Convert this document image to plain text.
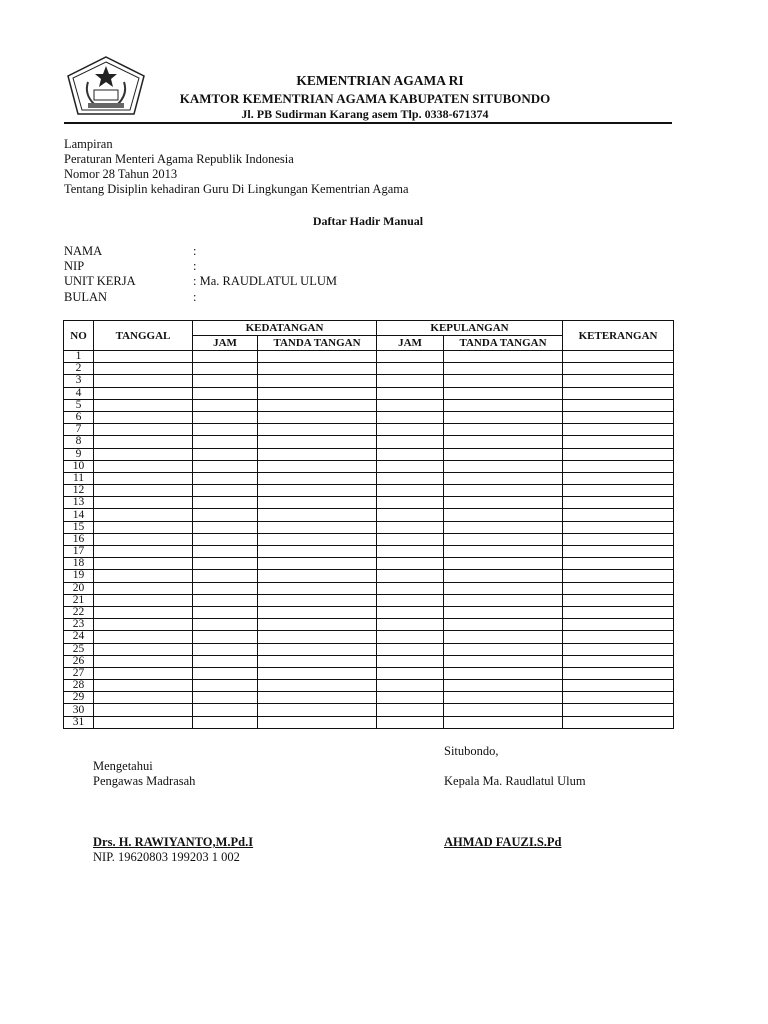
KEMENTRIAN AGAMA RI
KAMTOR KEMENTRIAN AGAMA KABUPATEN SITUBONDO
Jl. PB Sudirman Karang asem Tlp. 0338-671374
Lampiran
Peraturan Menteri Agama Republik Indonesia
Nomor 28 Tahun 2013
Tentang Disiplin kehadiran Guru Di Lingkungan Kementrian Agama
Daftar Hadir Manual
NAMA	:
NIP	:
UNIT KERJA	: Ma. RAUDLATUL ULUM
BULAN	:
NO	TANGGAL	KEDATANGAN		KEPULANGAN		KETERANGAN
		JAM	TANDA TANGAN	JAM	TANDA TANGAN	
1						
2						
3						
4						
5						
6						
7						
8						
9						
10						
11						
12						
13						
14						
15						
16						
17						
18						
19						
20						
21						
22						
23						
24						
25						
26						
27						
28						
29						
30						
31						
Situbondo,
Mengetahui
Pengawas Madrasah	Kepala Ma. Raudlatul Ulum
Drs. H. RAWIYANTO,M.Pd.I
NIP. 19620803 199203 1 002
AHMAD FAUZI.S.Pd
